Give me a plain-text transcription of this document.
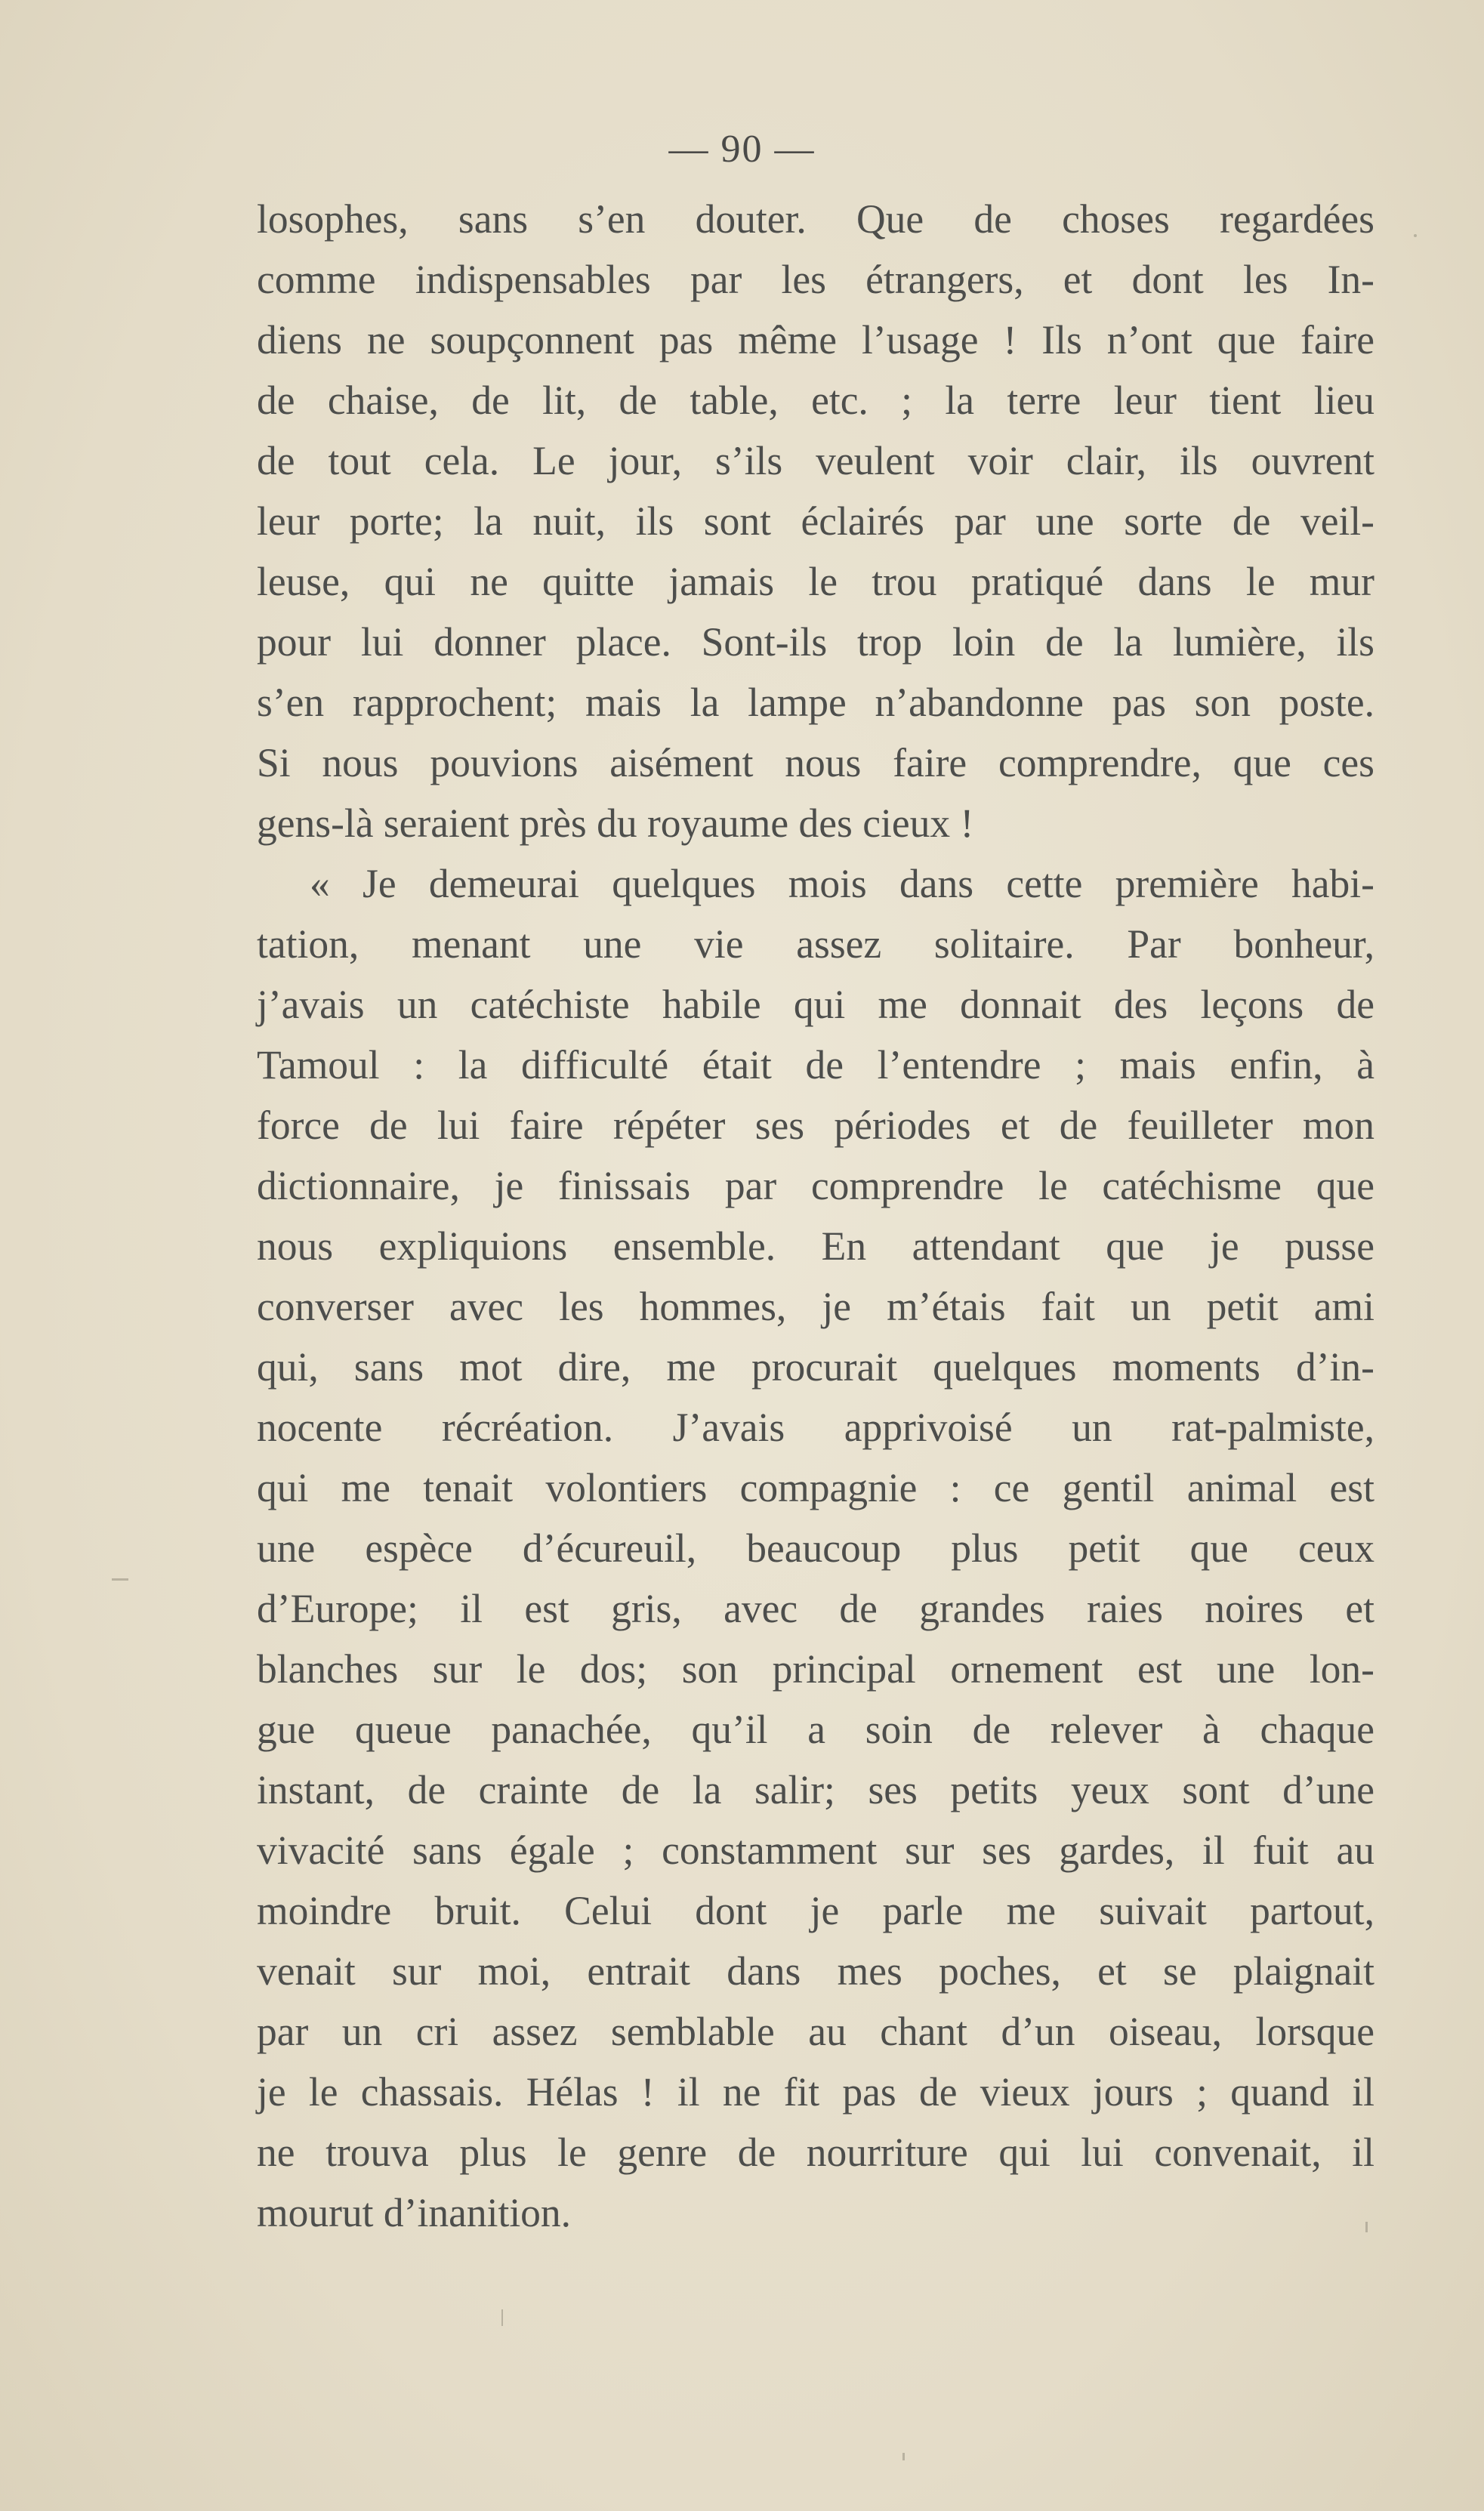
— 90 —
losophes, sans s’en douter. Que de choses regardées
comme indispensables par les étrangers, et dont les In-
diens ne soupçonnent pas même l’usage ! Ils n’ont que faire
de chaise, de lit, de table, etc. ; la terre leur tient lieu
de tout cela. Le jour, s’ils veulent voir clair, ils ouvrent
leur porte; la nuit, ils sont éclairés par une sorte de veil-
leuse, qui ne quitte jamais le trou pratiqué dans le mur
pour lui donner place. Sont-ils trop loin de la lumière, ils
s’en rapprochent; mais la lampe n’abandonne pas son poste.
Si nous pouvions aisément nous faire comprendre, que ces
gens-là seraient près du royaume des cieux !
« Je demeurai quelques mois dans cette première habi-
tation, menant une vie assez solitaire. Par bonheur,
j’avais un catéchiste habile qui me donnait des leçons de
Tamoul : la difficulté était de l’entendre ; mais enfin, à
force de lui faire répéter ses périodes et de feuilleter mon
dictionnaire, je finissais par comprendre le catéchisme que
nous expliquions ensemble. En attendant que je pusse
converser avec les hommes, je m’étais fait un petit ami
qui, sans mot dire, me procurait quelques moments d’in-
nocente récréation. J’avais apprivoisé un rat-palmiste,
qui me tenait volontiers compagnie : ce gentil animal est
une espèce d’écureuil, beaucoup plus petit que ceux
d’Europe; il est gris, avec de grandes raies noires et
blanches sur le dos; son principal ornement est une lon-
gue queue panachée, qu’il a soin de relever à chaque
instant, de crainte de la salir; ses petits yeux sont d’une
vivacité sans égale ; constamment sur ses gardes, il fuit au
moindre bruit. Celui dont je parle me suivait partout,
venait sur moi, entrait dans mes poches, et se plaignait
par un cri assez semblable au chant d’un oiseau, lorsque
je le chassais. Hélas ! il ne fit pas de vieux jours ; quand il
ne trouva plus le genre de nourriture qui lui convenait, il
mourut d’inanition.
